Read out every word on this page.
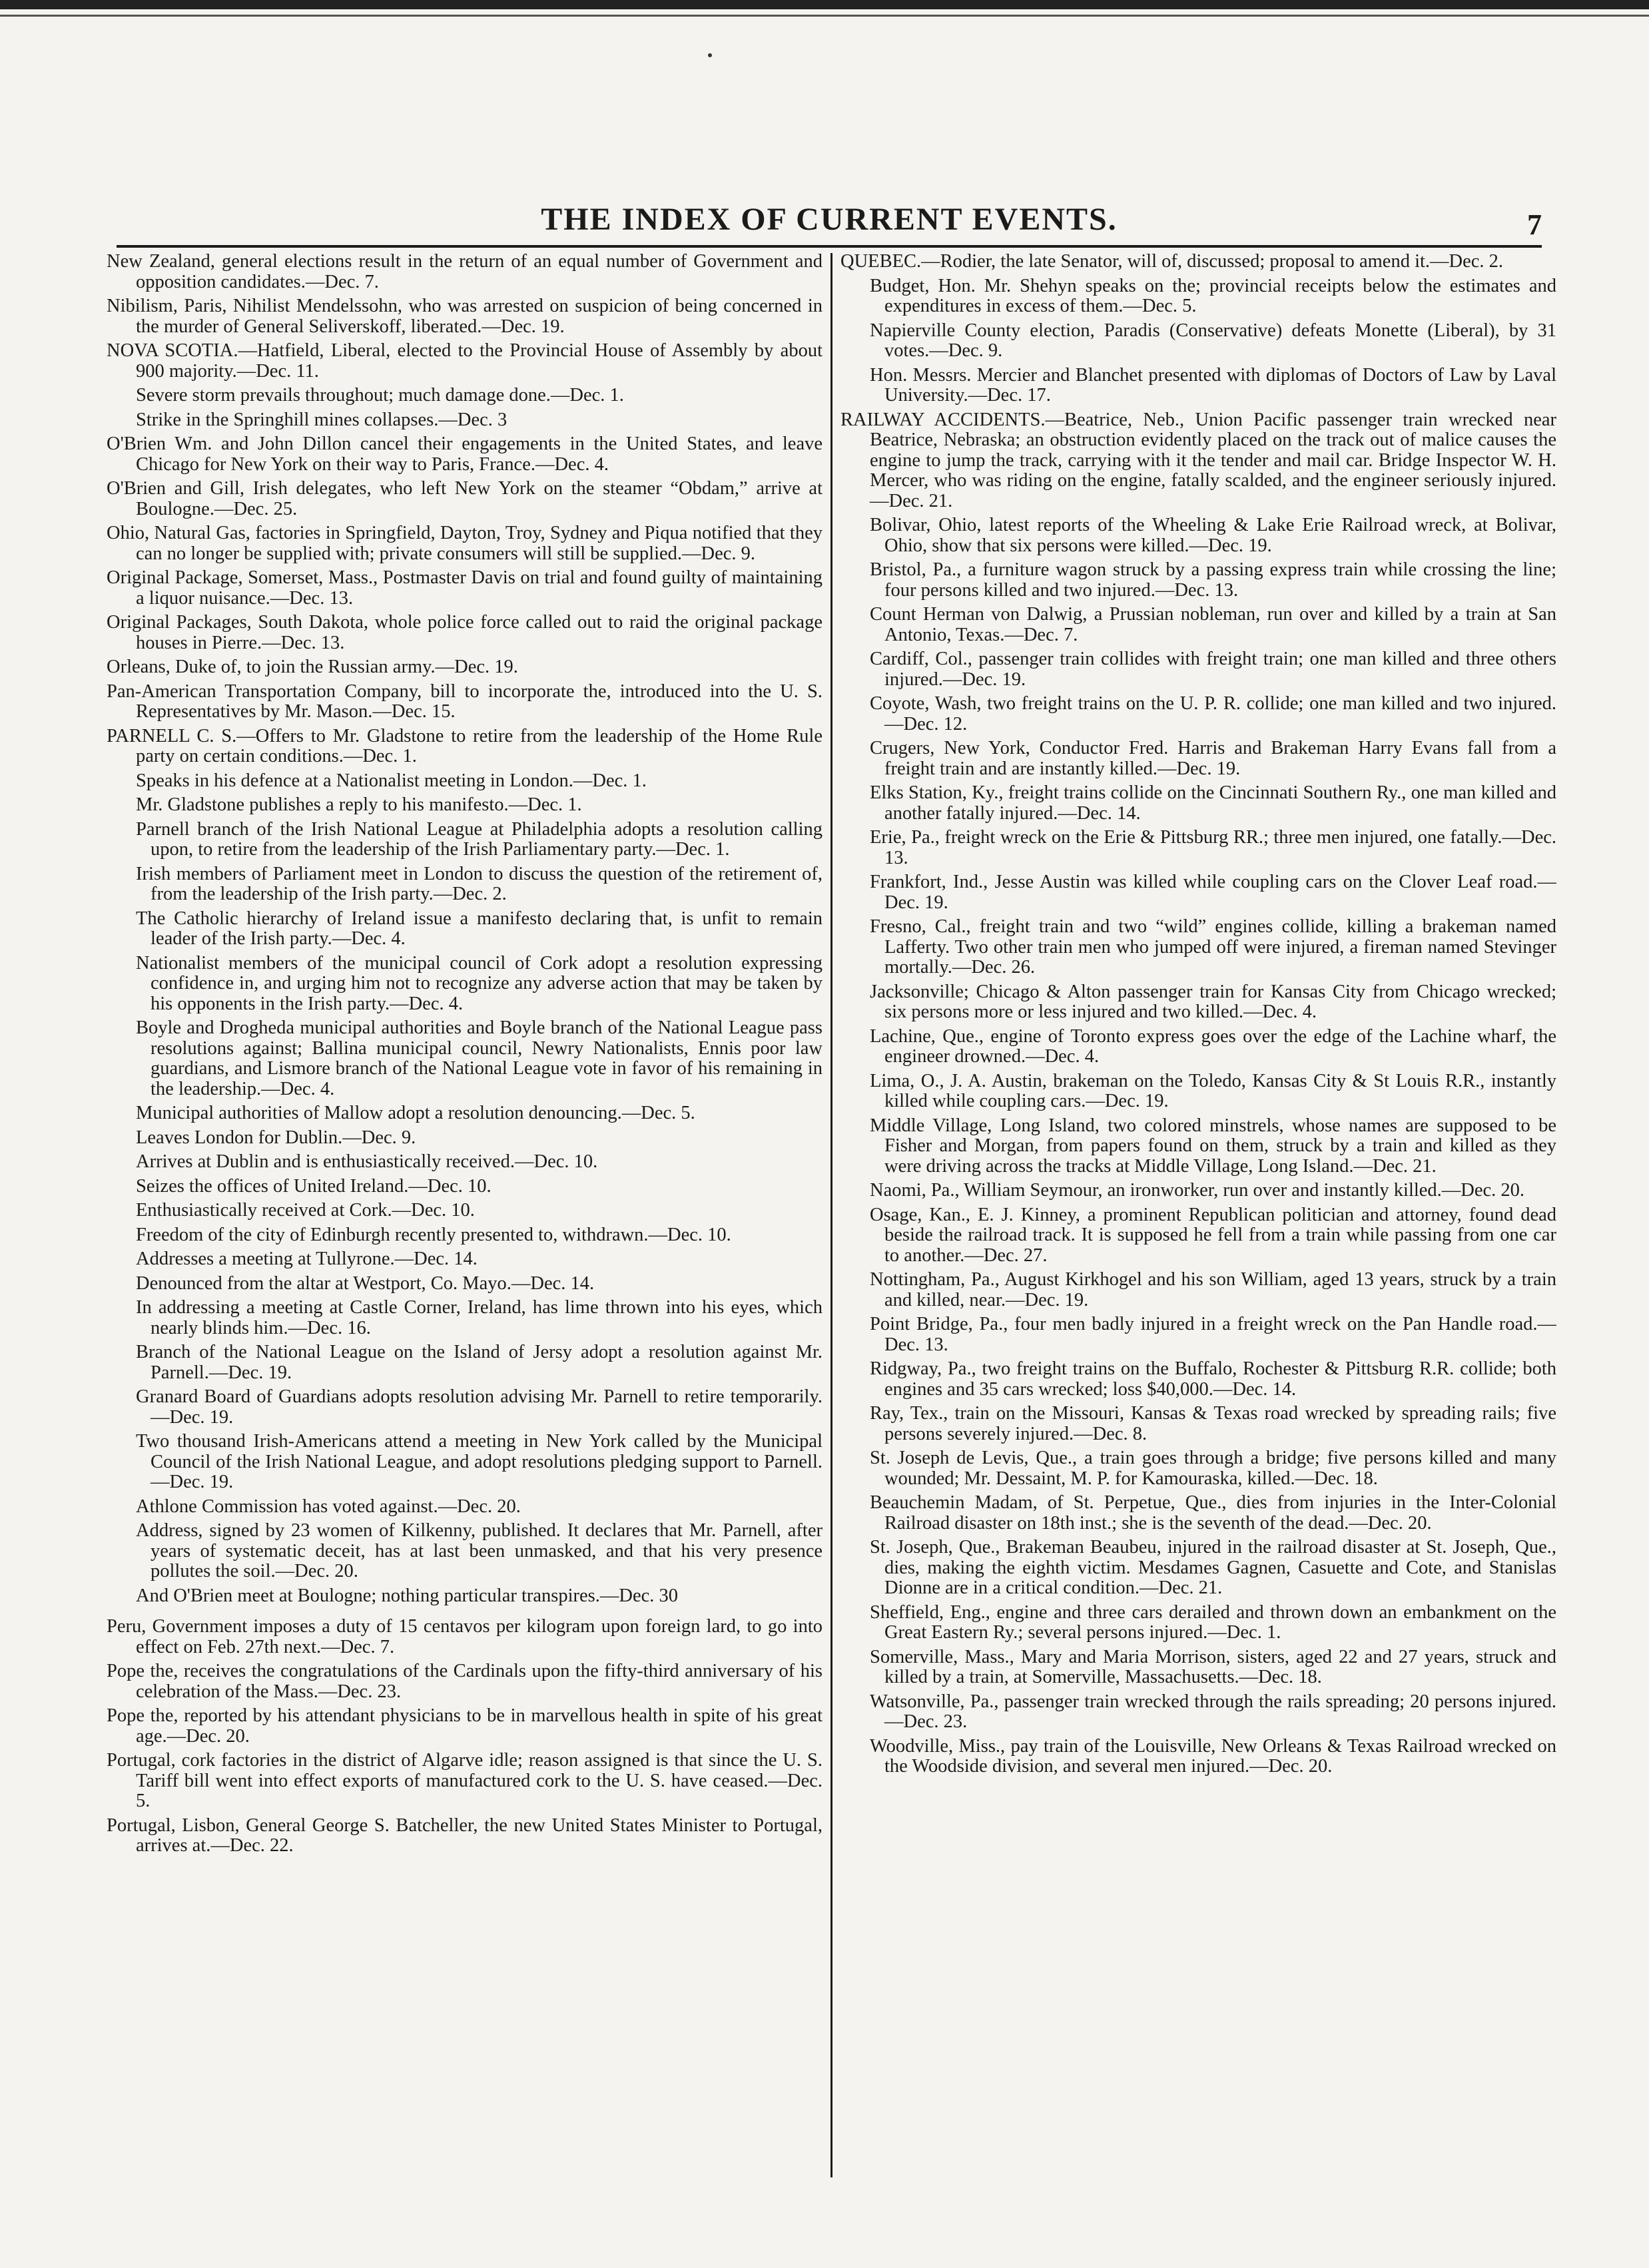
THE INDEX OF CURRENT EVENTS.	7

New Zealand, general elections result in the return of an equal number of Government and opposition candidates.—Dec. 7.

Nibilism, Paris, Nihilist Mendelssohn, who was arrested on suspicion of being concerned in the murder of General Seliverskoff, liberated.—Dec. 19.

NOVA SCOTIA.—Hatfield, Liberal, elected to the Provincial House of Assembly by about 900 majority.—Dec. 11.

Severe storm prevails throughout; much damage done.—Dec. 1.

Strike in the Springhill mines collapses.—Dec. 3

O'Brien Wm. and John Dillon cancel their engagements in the United States, and leave Chicago for New York on their way to Paris, France.—Dec. 4.

O'Brien and Gill, Irish delegates, who left New York on the steamer “Obdam,” arrive at Boulogne.—Dec. 25.

Ohio, Natural Gas, factories in Springfield, Dayton, Troy, Sydney and Piqua notified that they can no longer be supplied with; private consumers will still be supplied.—Dec. 9.

Original Package, Somerset, Mass., Postmaster Davis on trial and found guilty of maintaining a liquor nuisance.—Dec. 13.

Original Packages, South Dakota, whole police force called out to raid the original package houses in Pierre.—Dec. 13.

Orleans, Duke of, to join the Russian army.—Dec. 19.

Pan-American Transportation Company, bill to incorporate the, introduced into the U. S. Representatives by Mr. Mason.—Dec. 15.

PARNELL C. S.—Offers to Mr. Gladstone to retire from the leadership of the Home Rule party on certain conditions.—Dec. 1.

Speaks in his defence at a Nationalist meeting in London.—Dec. 1.

Mr. Gladstone publishes a reply to his manifesto.—Dec. 1.

Parnell branch of the Irish National League at Philadelphia adopts a resolution calling upon, to retire from the leadership of the Irish Parliamentary party.—Dec. 1.

Irish members of Parliament meet in London to discuss the question of the retirement of, from the leadership of the Irish party.—Dec. 2.

The Catholic hierarchy of Ireland issue a manifesto declaring that, is unfit to remain leader of the Irish party.—Dec. 4.

Nationalist members of the municipal council of Cork adopt a resolution expressing confidence in, and urging him not to recognize any adverse action that may be taken by his opponents in the Irish party.—Dec. 4.

Boyle and Drogheda municipal authorities and Boyle branch of the National League pass resolutions against; Ballina municipal council, Newry Nationalists, Ennis poor law guardians, and Lismore branch of the National League vote in favor of his remaining in the leadership.—Dec. 4.

Municipal authorities of Mallow adopt a resolution denouncing.—Dec. 5.

Leaves London for Dublin.—Dec. 9.

Arrives at Dublin and is enthusiastically received.—Dec. 10.

Seizes the offices of United Ireland.—Dec. 10.

Enthusiastically received at Cork.—Dec. 10.

Freedom of the city of Edinburgh recently presented to, withdrawn.—Dec. 10.

Addresses a meeting at Tullyrone.—Dec. 14.

Denounced from the altar at Westport, Co. Mayo.—Dec. 14.

In addressing a meeting at Castle Corner, Ireland, has lime thrown into his eyes, which nearly blinds him.—Dec. 16.

Branch of the National League on the Island of Jersy adopt a resolution against Mr. Parnell.—Dec. 19.

Granard Board of Guardians adopts resolution advising Mr. Parnell to retire temporarily.—Dec. 19.

Two thousand Irish-Americans attend a meeting in New York called by the Municipal Council of the Irish National League, and adopt resolutions pledging support to Parnell.—Dec. 19.

Athlone Commission has voted against.—Dec. 20.

Address, signed by 23 women of Kilkenny, published. It declares that Mr. Parnell, after years of systematic deceit, has at last been unmasked, and that his very presence pollutes the soil.—Dec. 20.

And O'Brien meet at Boulogne; nothing particular transpires.—Dec. 30

Peru, Government imposes a duty of 15 centavos per kilogram upon foreign lard, to go into effect on Feb. 27th next.—Dec. 7.

Pope the, receives the congratulations of the Cardinals upon the fifty-third anniversary of his celebration of the Mass.—Dec. 23.

Pope the, reported by his attendant physicians to be in marvellous health in spite of his great age.—Dec. 20.

Portugal, cork factories in the district of Algarve idle; reason assigned is that since the U. S. Tariff bill went into effect exports of manufactured cork to the U. S. have ceased.—Dec. 5.

Portugal, Lisbon, General George S. Batcheller, the new United States Minister to Portugal, arrives at.—Dec. 22.

QUEBEC.—Rodier, the late Senator, will of, discussed; proposal to amend it.—Dec. 2.

Budget, Hon. Mr. Shehyn speaks on the; provincial receipts below the estimates and expenditures in excess of them.—Dec. 5.

Napierville County election, Paradis (Conservative) defeats Monette (Liberal), by 31 votes.—Dec. 9.

Hon. Messrs. Mercier and Blanchet presented with diplomas of Doctors of Law by Laval University.—Dec. 17.

RAILWAY ACCIDENTS.—Beatrice, Neb., Union Pacific passenger train wrecked near Beatrice, Nebraska; an obstruction evidently placed on the track out of malice causes the engine to jump the track, carrying with it the tender and mail car. Bridge Inspector W. H. Mercer, who was riding on the engine, fatally scalded, and the engineer seriously injured.—Dec. 21.

Bolivar, Ohio, latest reports of the Wheeling & Lake Erie Railroad wreck, at Bolivar, Ohio, show that six persons were killed.—Dec. 19.

Bristol, Pa., a furniture wagon struck by a passing express train while crossing the line; four persons killed and two injured.—Dec. 13.

Count Herman von Dalwig, a Prussian nobleman, run over and killed by a train at San Antonio, Texas.—Dec. 7.

Cardiff, Col., passenger train collides with freight train; one man killed and three others injured.—Dec. 19.

Coyote, Wash, two freight trains on the U. P. R. collide; one man killed and two injured.—Dec. 12.

Crugers, New York, Conductor Fred. Harris and Brakeman Harry Evans fall from a freight train and are instantly killed.—Dec. 19.

Elks Station, Ky., freight trains collide on the Cincinnati Southern Ry., one man killed and another fatally injured.—Dec. 14.

Erie, Pa., freight wreck on the Erie & Pittsburg RR.; three men injured, one fatally.—Dec. 13.

Frankfort, Ind., Jesse Austin was killed while coupling cars on the Clover Leaf road.—Dec. 19.

Fresno, Cal., freight train and two “wild” engines collide, killing a brakeman named Lafferty. Two other train men who jumped off were injured, a fireman named Stevinger mortally.—Dec. 26.

Jacksonville; Chicago & Alton passenger train for Kansas City from Chicago wrecked; six persons more or less injured and two killed.—Dec. 4.

Lachine, Que., engine of Toronto express goes over the edge of the Lachine wharf, the engineer drowned.—Dec. 4.

Lima, O., J. A. Austin, brakeman on the Toledo, Kansas City & St Louis R.R., instantly killed while coupling cars.—Dec. 19.

Middle Village, Long Island, two colored minstrels, whose names are supposed to be Fisher and Morgan, from papers found on them, struck by a train and killed as they were driving across the tracks at Middle Village, Long Island.—Dec. 21.

Naomi, Pa., William Seymour, an ironworker, run over and instantly killed.—Dec. 20.

Osage, Kan., E. J. Kinney, a prominent Republican politician and attorney, found dead beside the railroad track. It is supposed he fell from a train while passing from one car to another.—Dec. 27.

Nottingham, Pa., August Kirkhogel and his son William, aged 13 years, struck by a train and killed, near.—Dec. 19.

Point Bridge, Pa., four men badly injured in a freight wreck on the Pan Handle road.—Dec. 13.

Ridgway, Pa., two freight trains on the Buffalo, Rochester & Pittsburg R.R. collide; both engines and 35 cars wrecked; loss $40,000.—Dec. 14.

Ray, Tex., train on the Missouri, Kansas & Texas road wrecked by spreading rails; five persons severely injured.—Dec. 8.

St. Joseph de Levis, Que., a train goes through a bridge; five persons killed and many wounded; Mr. Dessaint, M. P. for Kamouraska, killed.—Dec. 18.

Beauchemin Madam, of St. Perpetue, Que., dies from injuries in the Inter-Colonial Railroad disaster on 18th inst.; she is the seventh of the dead.—Dec. 20.

St. Joseph, Que., Brakeman Beaubeu, injured in the railroad disaster at St. Joseph, Que., dies, making the eighth victim. Mesdames Gagnen, Casuette and Cote, and Stanislas Dionne are in a critical condition.—Dec. 21.

Sheffield, Eng., engine and three cars derailed and thrown down an embankment on the Great Eastern Ry.; several persons injured.—Dec. 1.

Somerville, Mass., Mary and Maria Morrison, sisters, aged 22 and 27 years, struck and killed by a train, at Somerville, Massachusetts.—Dec. 18.

Watsonville, Pa., passenger train wrecked through the rails spreading; 20 persons injured.—Dec. 23.

Woodville, Miss., pay train of the Louisville, New Orleans & Texas Railroad wrecked on the Woodside division, and several men injured.—Dec. 20.
